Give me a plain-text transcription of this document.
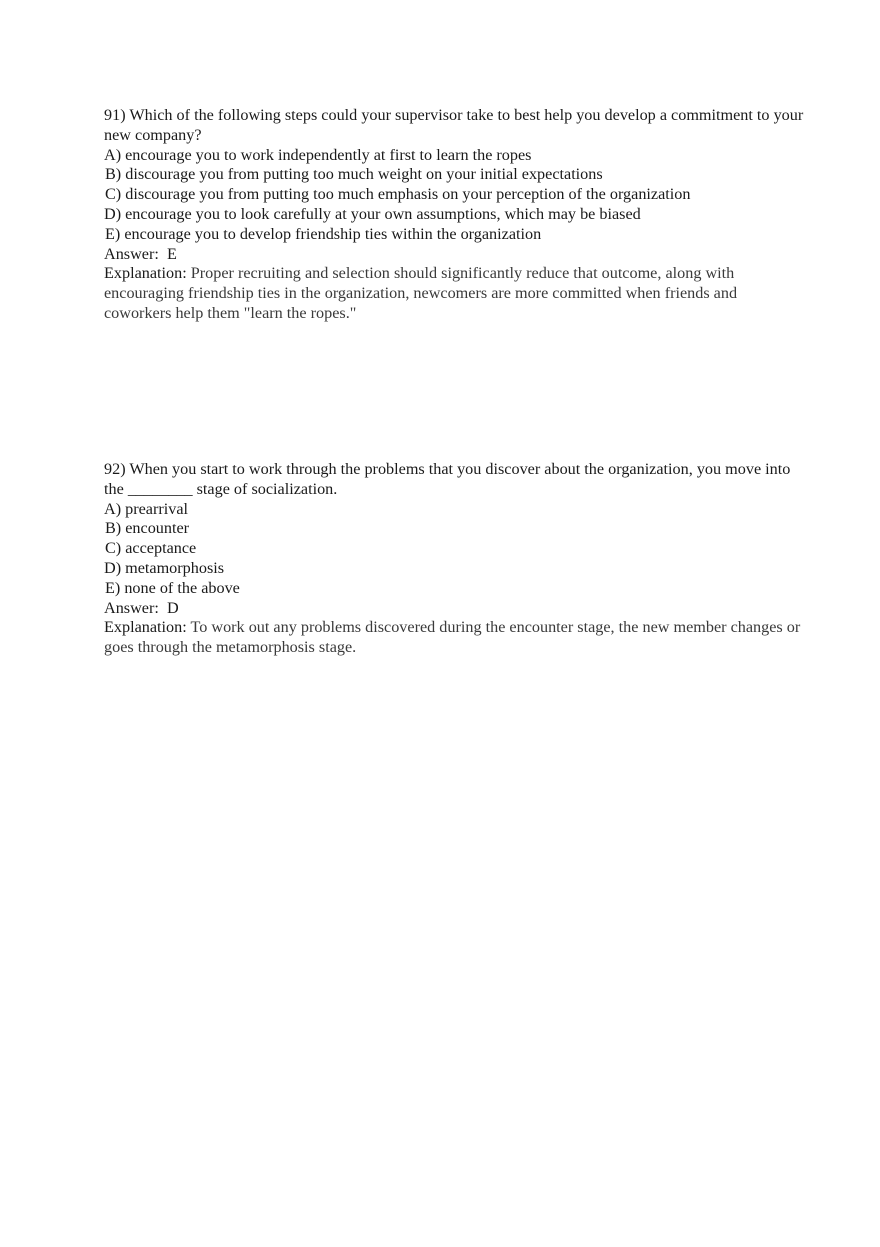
91) Which of the following steps could your supervisor take to best help you develop a commitment to your new company?
A) encourage you to work independently at first to learn the ropes
B) discourage you from putting too much weight on your initial expectations
C) discourage you from putting too much emphasis on your perception of the organization
D) encourage you to look carefully at your own assumptions, which may be biased
E) encourage you to develop friendship ties within the organization
Answer: E
Explanation: Proper recruiting and selection should significantly reduce that outcome, along with encouraging friendship ties in the organization, newcomers are more committed when friends and coworkers help them "learn the ropes."
92) When you start to work through the problems that you discover about the organization, you move into the ________ stage of socialization.
A) prearrival
B) encounter
C) acceptance
D) metamorphosis
E) none of the above
Answer: D
Explanation: To work out any problems discovered during the encounter stage, the new member changes or goes through the metamorphosis stage.
